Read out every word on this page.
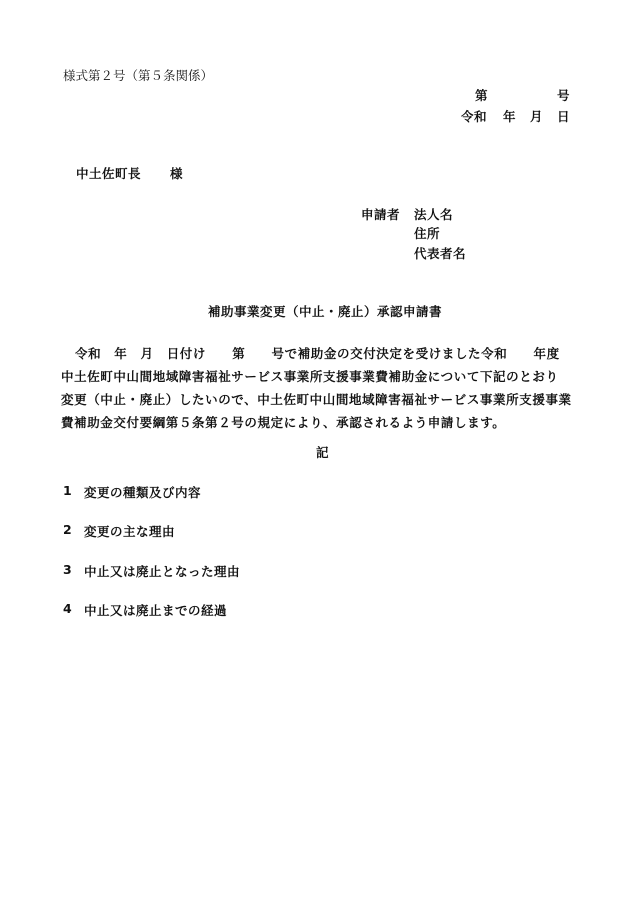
様式第２号（第５条関係）
第	号
令和 年 月 日
中土佐町長 様
申請者 法人名
住所
代表者名
補助事業変更（中止・廃止）承認申請書
令和　年　月　日付け　　第　　号で補助金の交付決定を受けました令和　　年度
中土佐町中山間地域障害福祉サービス事業所支援事業費補助金について下記のとおり
変更（中止・廃止）したいので、中土佐町中山間地域障害福祉サービス事業所支援事業
費補助金交付要綱第５条第２号の規定により、承認されるよう申請します。
記
1 変更の種類及び内容
2 変更の主な理由
3 中止又は廃止となった理由
4 中止又は廃止までの経過
